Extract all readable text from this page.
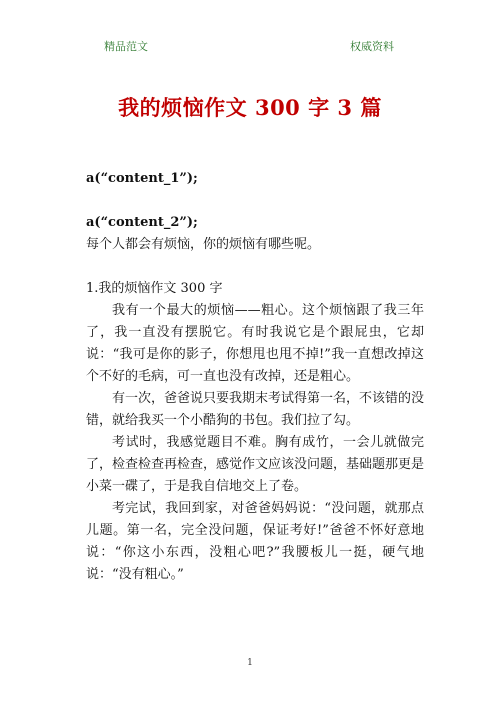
精品范文	权威资料
我的烦恼作文 300 字 3 篇

a(“content_1”);

a(“content_2”);

每个人都会有烦恼，你的烦恼有哪些呢。

1.我的烦恼作文 300 字

我有一个最大的烦恼——粗心。这个烦恼跟了我三年了，我一直没有摆脱它。有时我说它是个跟屁虫，它却说：“我可是你的影子，你想甩也甩不掉!”我一直想改掉这个不好的毛病，可一直也没有改掉，还是粗心。

有一次，爸爸说只要我期末考试得第一名，不该错的没错，就给我买一个小酷狗的书包。我们拉了勾。

考试时，我感觉题目不难。胸有成竹，一会儿就做完了，检查检查再检查，感觉作文应该没问题，基础题那更是小菜一碟了，于是我自信地交上了卷。

考完试，我回到家，对爸爸妈妈说：“没问题，就那点儿题。第一名，完全没问题，保证考好!”爸爸不怀好意地说：“你这小东西，没粗心吧?”我腰板儿一挺，硬气地说：“没有粗心。”

1
